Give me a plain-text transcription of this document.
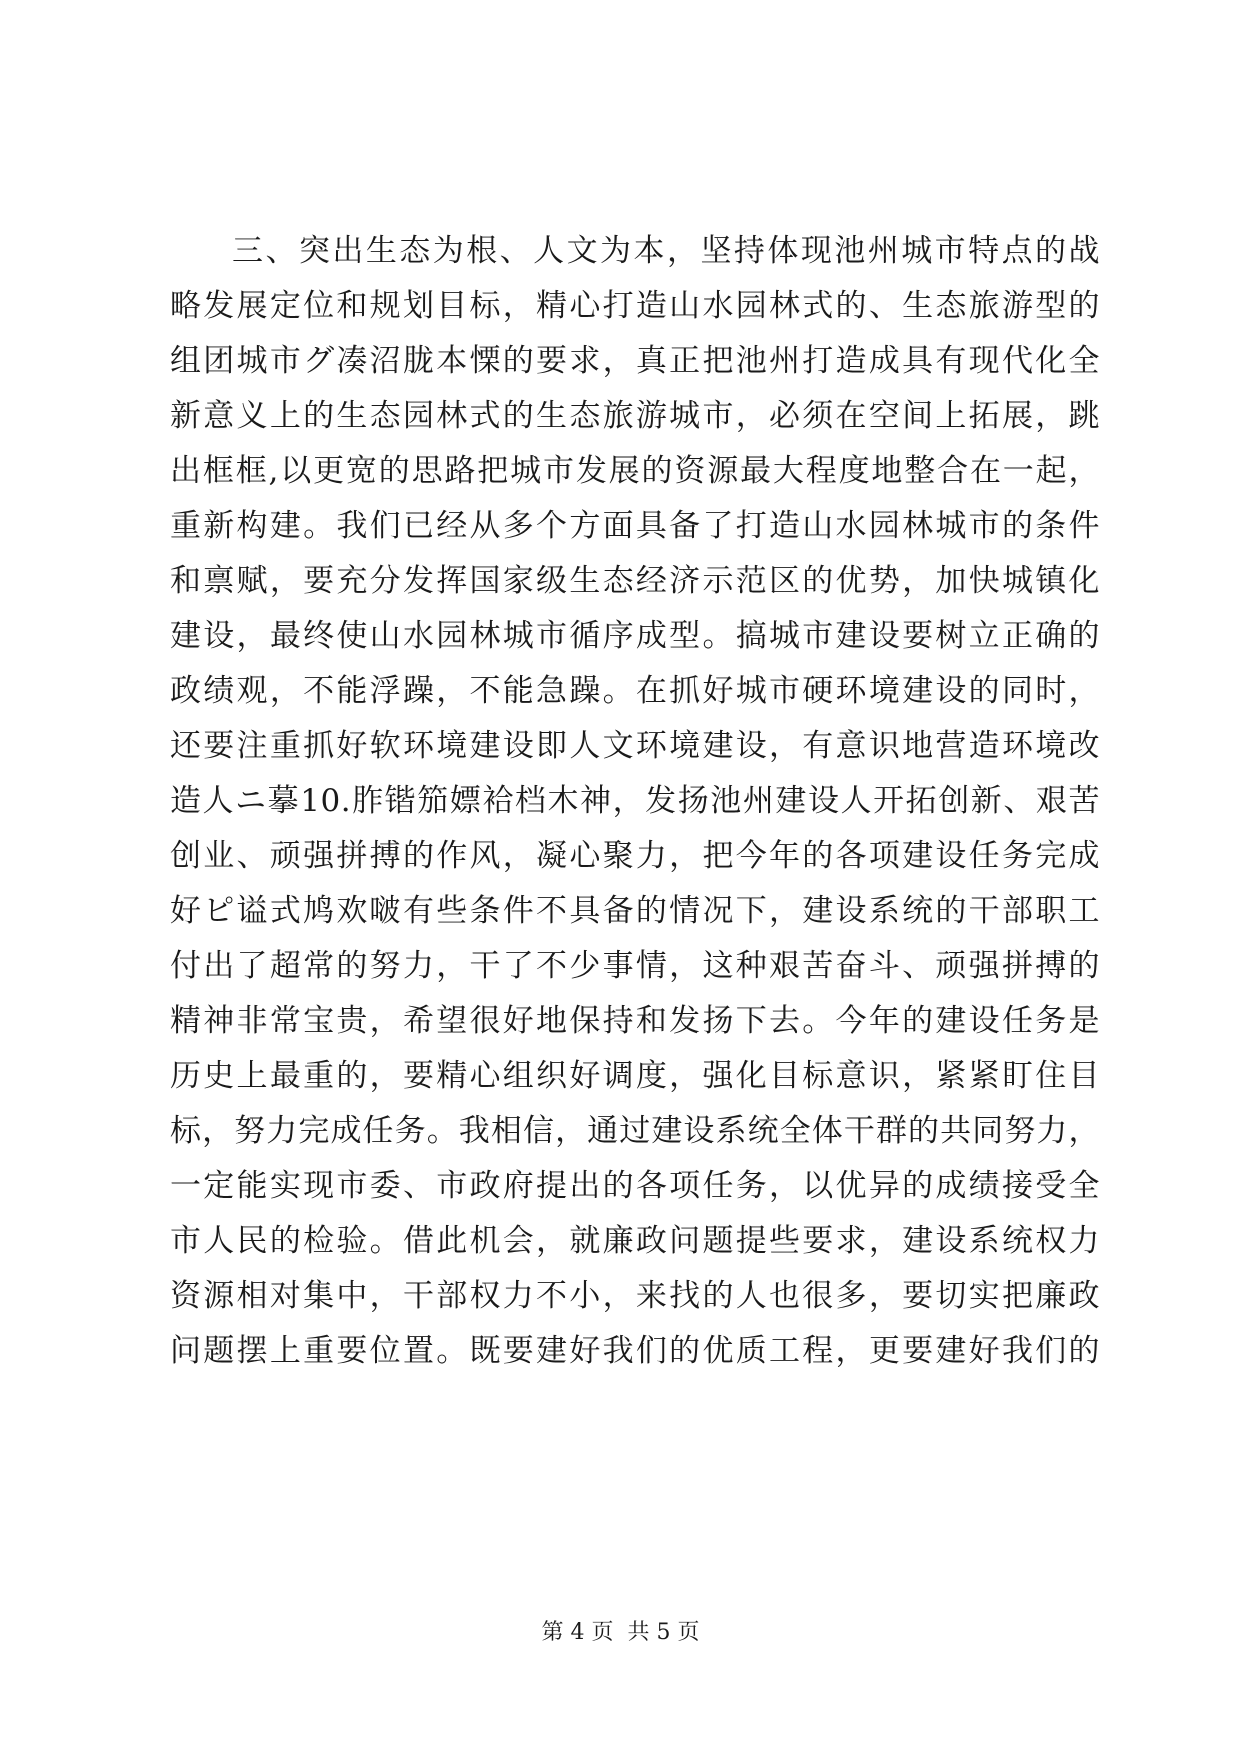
三、突出生态为根、人文为本，坚持体现池州城市特点的战
略发展定位和规划目标，精心打造山水园林式的、生态旅游型的
组团城市グ凑沼胧本慄的要求，真正把池州打造成具有现代化全
新意义上的生态园林式的生态旅游城市，必须在空间上拓展，跳
出框框,以更宽的思路把城市发展的资源最大程度地整合在一起，
重新构建。我们已经从多个方面具备了打造山水园林城市的条件
和禀赋，要充分发挥国家级生态经济示范区的优势，加快城镇化
建设，最终使山水园林城市循序成型。搞城市建设要树立正确的
政绩观，不能浮躁，不能急躁。在抓好城市硬环境建设的同时，
还要注重抓好软环境建设即人文环境建设，有意识地营造环境改
造人ニ摹10.胙锴笳嫖袷档木神，发扬池州建设人开拓创新、艰苦
创业、顽强拼搏的作风，凝心聚力，把今年的各项建设任务完成
好ピ谥式鸠欢啵有些条件不具备的情况下，建设系统的干部职工
付出了超常的努力，干了不少事情，这种艰苦奋斗、顽强拼搏的
精神非常宝贵，希望很好地保持和发扬下去。今年的建设任务是
历史上最重的，要精心组织好调度，强化目标意识，紧紧盯住目
标，努力完成任务。我相信，通过建设系统全体干群的共同努力，
一定能实现市委、市政府提出的各项任务，以优异的成绩接受全
市人民的检验。借此机会，就廉政问题提些要求，建设系统权力
资源相对集中，干部权力不小，来找的人也很多，要切实把廉政
问题摆上重要位置。既要建好我们的优质工程，更要建好我们的
第 4 页  共 5 页
